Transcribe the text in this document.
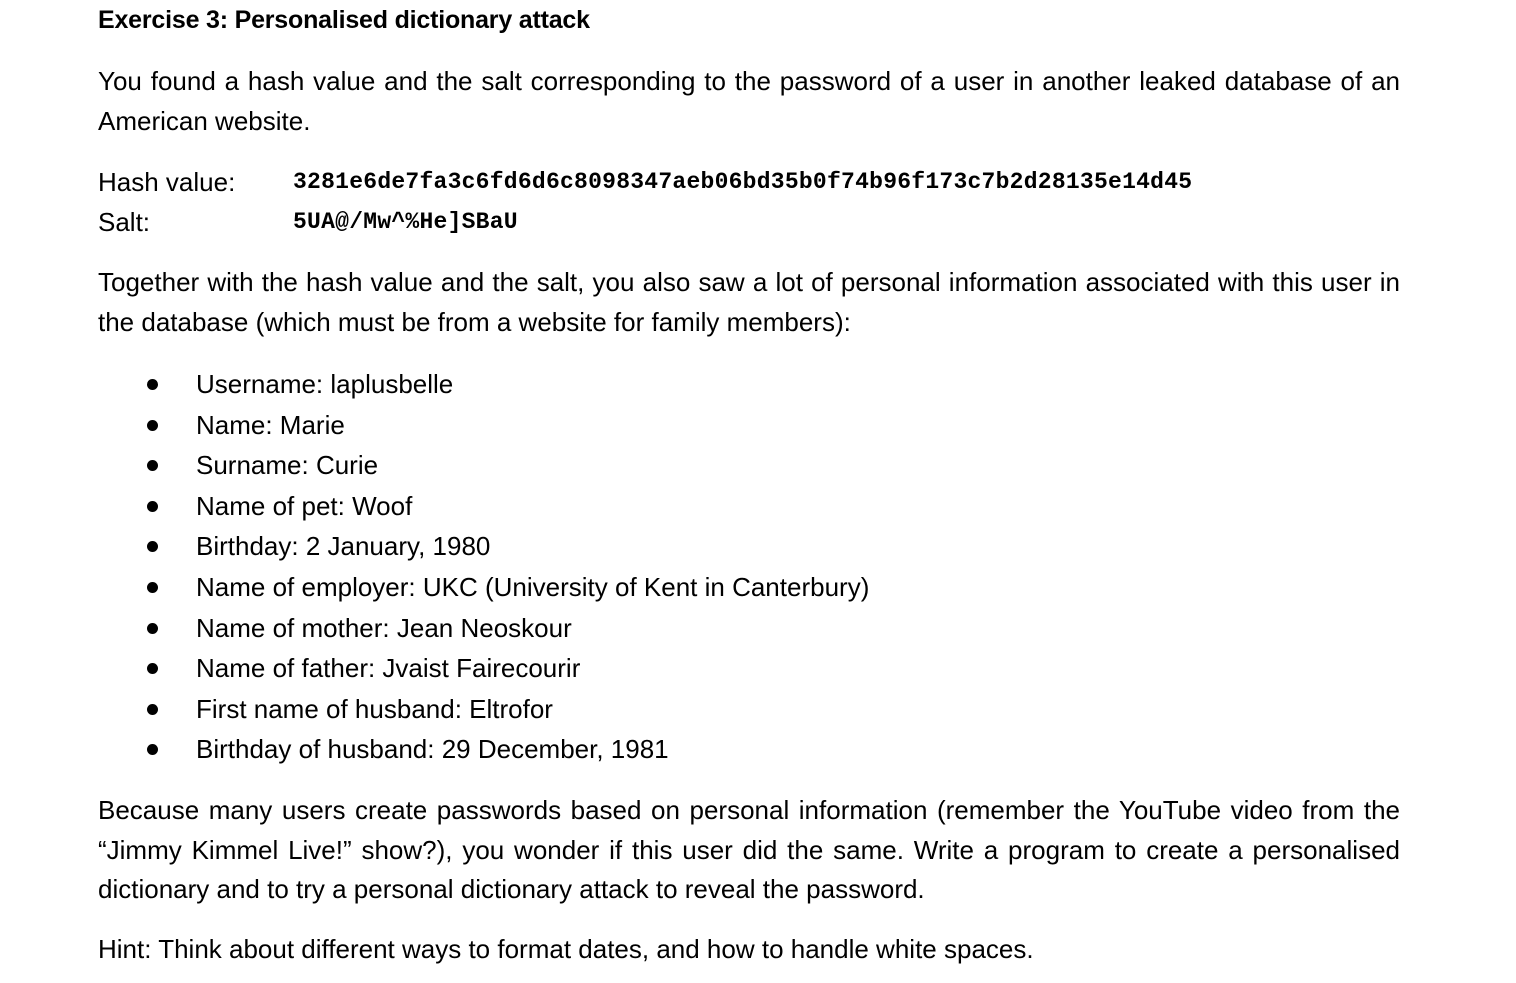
Exercise 3: Personalised dictionary attack

You found a hash value and the salt corresponding to the password of a user in another leaked database of an American website.

Hash value:	3281e6de7fa3c6fd6d6c8098347aeb06bd35b0f74b96f173c7b2d28135e14d45
Salt:	5UA@/Mw^%He]SBaU

Together with the hash value and the salt, you also saw a lot of personal information associated with this user in the database (which must be from a website for family members):

Username: laplusbelle
Name: Marie
Surname: Curie
Name of pet: Woof
Birthday: 2 January, 1980
Name of employer: UKC (University of Kent in Canterbury)
Name of mother: Jean Neoskour
Name of father: Jvaist Fairecourir
First name of husband: Eltrofor
Birthday of husband: 29 December, 1981

Because many users create passwords based on personal information (remember the YouTube video from the “Jimmy Kimmel Live!” show?), you wonder if this user did the same. Write a program to create a personalised dictionary and to try a personal dictionary attack to reveal the password.

Hint: Think about different ways to format dates, and how to handle white spaces.
